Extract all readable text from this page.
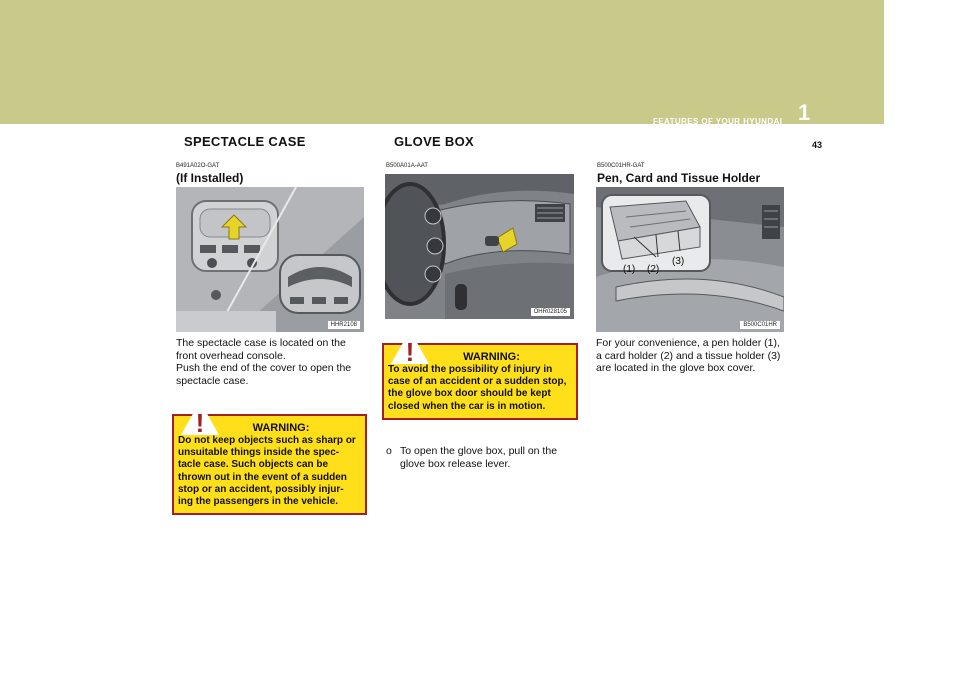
1
FEATURES OF YOUR HYUNDAI
43
SPECTACLE CASE	GLOVE BOX
B491A02O-GAT
(If Installed)
HHR2108
The spectacle case is located on the
front overhead console.
Push the end of the cover to open the
spectacle case.
WARNING:
Do not keep objects such as sharp or
unsuitable things inside the spec-
tacle case. Such objects can be
thrown out in the event of a sudden
stop or an accident, possibly injur-
ing the passengers in the vehicle.
!
B500A01A-AAT
OHR028105
WARNING:
To avoid the possibility of injury in
case of an accident or a sudden stop,
the glove box door should be kept
closed when the car is in motion.
!
o To open the glove box, pull on the
glove box release lever.
B500C01HR-GAT
Pen, Card and Tissue Holder
(1) (2)
(3)
B500C01HR
For your convenience, a pen holder (1),
a card holder (2) and a tissue holder (3)
are located in the glove box cover.
